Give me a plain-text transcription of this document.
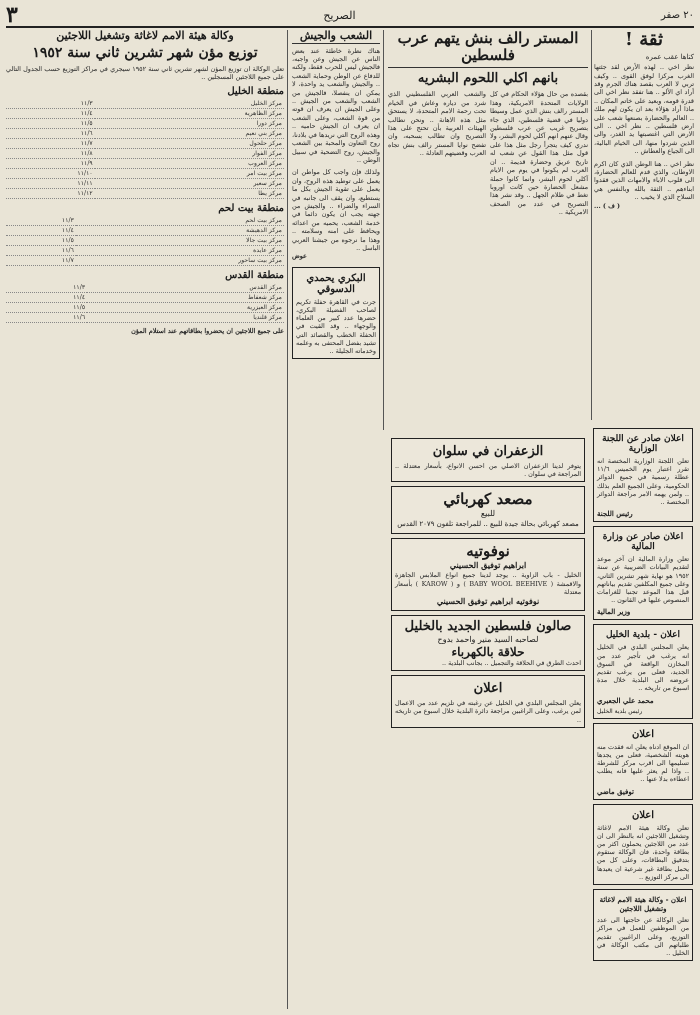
٢٠ صفر
الصريح
٣
ثقة !
كتاها عقب عمره
نظر اخي .. لهذه الأرض لقد جئتها الغرب مركزا لوفق القوى .. وكيف تربي لا العرب بقصد هناك الجرم وقد أراد اي الألو .. هنا تفقد نظر اخي الى قدرة قومه، وبعيد على خاتم المكان .. ماذا أراد هؤلاء بعد ان يكون لهم ملك .. العالم والحضارة بصنعها شعب على ارض فلسطين .. نظر اخي .. الى الارض التي اغتصبتها يد الغدر، والى الذين شردوا منها، الى الخيام البالية، الى الجياع والعطاش ..
نظر اخي .. هنا الوطن الذي كان اكرم الاوطان، والذي قدم للعالم الحضارة، الى قلوب الاباء والامهات الذين فقدوا ابناءهم .. الثقة بالله وبالنفس هي السلاح الذي لا يخيب ..
( ف ) ...
المستر رالف بنش يتهم عرب فلسطين
بانهم اكلي اللحوم البشريه
بقصده من حال هؤلاء الحكام في كل الولايات المتحدة الامريكية، وهذا المستر رالف بنش الذي عمل وسيطا دوليا في قضية فلسطين، الذي جاء بتصريح غريب عن عرب فلسطين وقال عنهم انهم آكلي لحوم البشر، ولا ندري كيف يتجرأ رجل مثل هذا على قول مثل هذا القول عن شعب له تاريخ عريق وحضارة قديمة .. ان العرب لم يكونوا في يوم من الايام آكلي لحوم البشر، وانما كانوا حملة مشعل الحضارة حين كانت اوروبا تغط في ظلام الجهل .. وقد نشر هذا التصريح في عدد من الصحف الامريكية ..
والشعب العربي الفلسطيني الذي شرد من دياره وعاش في الخيام تحت رحمة الامم المتحدة، لا يستحق مثل هذه الاهانة .. ونحن نطالب الهيئات العربية بأن تحتج على هذا التصريح وان تطالب بسحبه، وان تفضح نوايا المستر رالف بنش تجاه العرب وقضيتهم العادلة ..
الشعب والجيش
هناك نظرة خاطئة عند بعض الناس عن الجيش وعن واجبه، فالجيش ليس للحرب فقط، ولكنه للدفاع عن الوطن وحماية الشعب .. والجيش والشعب يد واحدة، لا يمكن ان ينفصلا، فالجيش من الشعب والشعب من الجيش .. وعلى الجيش ان يعرف ان قوته من قوة الشعب، وعلى الشعب ان يعرف ان الجيش حاميه .. وهذه الروح التي نريدها في بلادنا، روح التعاون والمحبة بين الشعب والجيش، روح التضحية في سبيل الوطن ..
ولذلك فإن واجب كل مواطن ان يعمل على توطيد هذه الروح، وان يعمل على تقوية الجيش بكل ما يستطيع، وان يقف الى جانبه في السراء والضراء .. والجيش من جهته يجب ان يكون دائما في خدمة الشعب، يحميه من اعدائه ويحافظ على امنه وسلامته .. وهذا ما نرجوه من جيشنا العربي الباسل ..
عوض
البكري يحمدي الدسوقي
جرت في القاهرة حفلة تكريم لصاحب الفضيلة البكري، حضرها عدد كبير من العلماء والوجهاء .. وقد القيت في الحفلة الخطب والقصائد التي تشيد بفضل المحتفى به وعلمه وخدماته الجليلة ..
وكالة هيئة الامم لاغاثة وتشغيل اللاجئين
توزيع مؤن شهر تشرين ثاني سنة ١٩٥٢
تعلن الوكالة ان توزيع المؤن لشهر تشرين ثاني سنة ١٩٥٢ سيجري في مراكز التوزيع حسب الجدول التالي على جميع اللاجئين المسجلين ..
منطقة الخليل
مركز الخليل	١١/٣
مركز الظاهرية	١١/٤
مركز دورا	١١/٥
مركز بني نعيم	١١/٦
مركز حلحول	١١/٧
مركز الفوار	١١/٨
مركز العروب	١١/٩
مركز بيت امر	١١/١٠
مركز سعير	١١/١١
مركز يطا	١١/١٢
منطقة بيت لحم
مركز بيت لحم	١١/٣
مركز الدهيشة	١١/٤
مركز بيت جالا	١١/٥
مركز عايدة	١١/٦
مركز بيت ساحور	١١/٧
منطقة القدس
مركز القدس	١١/٣
مركز شعفاط	١١/٤
مركز العيزرية	١١/٥
مركز قلنديا	١١/٦
على جميع اللاجئين ان يحضروا بطاقاتهم عند استلام المؤن
اعلان صادر عن اللجنة الوزارية
تعلن اللجنة الوزارية المختصة انه تقرر اعتبار يوم الخميس ١١/٦ عطلة رسمية في جميع الدوائر الحكومية، وعلى الجميع العلم بذلك .. ولمن يهمه الامر مراجعة الدوائر المختصة ..
رئيس اللجنة
اعلان صادر عن وزارة المالية
تعلن وزارة المالية ان آخر موعد لتقديم البيانات الضريبية عن سنة ١٩٥٢ هو نهاية شهر تشرين الثاني، وعلى جميع المكلفين تقديم بياناتهم قبل هذا الموعد تجنبا للغرامات المنصوص عليها في القانون ..
وزير المالية
اعلان - بلدية الخليل
يعلن المجلس البلدي في الخليل انه يرغب في تأجير عدد من المخازن الواقعة في السوق الجديد، فعلى من يرغب تقديم عروضه الى البلدية خلال مدة اسبوع من تاريخه ..
محمد علي الجعبري
رئيس بلدية الخليل
اعلان
ان الموقع ادناه يعلن انه فقدت منه هويته الشخصية، فعلى من يجدها تسليمها الى اقرب مركز للشرطة .. واذا لم يعثر عليها فانه يطلب اعطاءه بدلا عنها ..
توفيق ماضي
اعلان
تعلن وكالة هيئة الامم لاغاثة وتشغيل اللاجئين انه بالنظر الى ان عدد من اللاجئين يحملون اكثر من بطاقة واحدة، فان الوكالة ستقوم بتدقيق البطاقات، وعلى كل من يحمل بطاقة غير شرعية ان يعيدها الى مركز التوزيع ..
اعلان - وكالة هيئة الامم لاغاثة وتشغيل اللاجئين
تعلن الوكالة عن حاجتها الى عدد من الموظفين للعمل في مراكز التوزيع، وعلى الراغبين تقديم طلباتهم الى مكتب الوكالة في الخليل ..
الزعفران في سلوان
يتوفر لدينا الزعفران الاصلي من احسن الانواع، بأسعار معتدلة .. المراجعة في سلوان .
مصعد كهربائي
للبيع
مصعد كهربائي بحالة جيدة للبيع .. للمراجعة تلفون ٢٠٧٩ القدس
نوفوتيه
ابراهيم توفيق الحسيني
الخليل - باب الزاوية .. يوجد لدينا جميع انواع الملابس الجاهزة والاقمشة ( BABY WOOL BEEHIVE ) و ( KAROW ) بأسعار معتدلة
نوفوتيه ابراهيم توفيق الحسيني
صالون فلسطين الجديد بالخليل
لصاحبه السيد منير واحمد بدوح
حلاقة بالكهرباء
احدث الطرق في الحلاقة والتجميل .. بجانب البلدية ..
اعلان
يعلن المجلس البلدي في الخليل عن رغبته في تلزيم عدد من الاعمال لمن يرغب، وعلى الراغبين مراجعة دائرة البلدية خلال اسبوع من تاريخه ..
